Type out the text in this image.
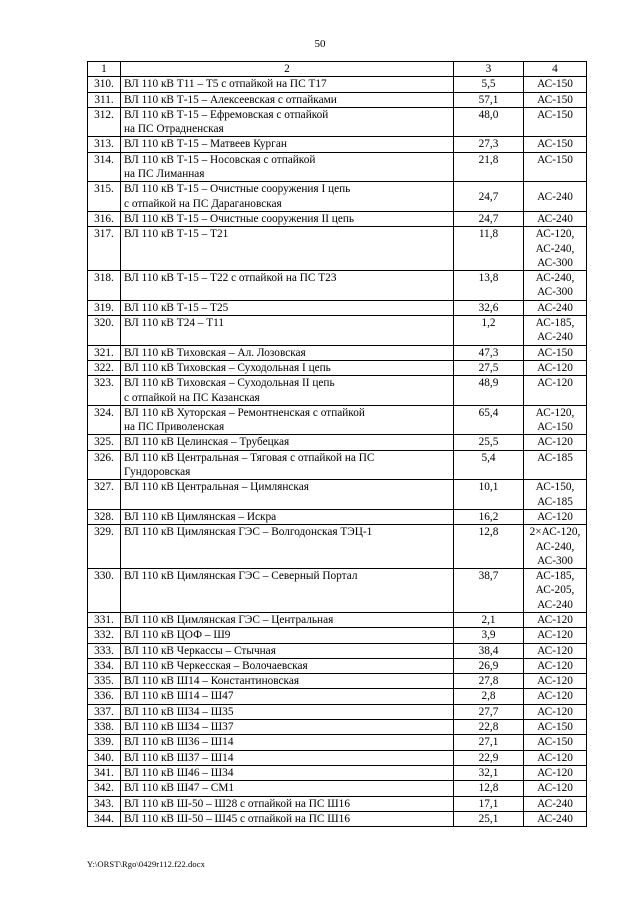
50
1	2	3	4
310.	ВЛ 110 кВ Т11 – Т5 с отпайкой на ПС Т17	5,5	АС-150

311.	ВЛ 110 кВ Т-15 – Алексеевская с отпайками	57,1	АС-150

312.	ВЛ 110 кВ Т-15 – Ефремовская с отпайкой
на ПС Отрадненская	48,0	АС-150

313.	ВЛ 110 кВ Т-15 – Матвеев Курган	27,3	АС-150

314.	ВЛ 110 кВ Т-15 – Носовская с отпайкой
на ПС Лиманная	21,8	АС-150

315.	ВЛ 110 кВ Т-15 – Очистные сооружения I цепь
с отпайкой на ПС Дарагановская	24,7	АС-240

316.	ВЛ 110 кВ Т-15 – Очистные сооружения II цепь	24,7	АС-240

317.	ВЛ 110 кВ Т-15 – Т21	11,8	АС-120,
АС-240,
АС-300

318.	ВЛ 110 кВ Т-15 – Т22 с отпайкой на ПС Т23	13,8	АС-240,
АС-300

319.	ВЛ 110 кВ Т-15 – Т25	32,6	АС-240

320.	ВЛ 110 кВ Т24 – Т11	1,2	АС-185,
АС-240

321.	ВЛ 110 кВ Тиховская – Ал. Лозовская	47,3	АС-150

322.	ВЛ 110 кВ Тиховская – Суходольная I цепь	27,5	АС-120

323.	ВЛ 110 кВ Тиховская – Суходольная II цепь
с отпайкой на ПС Казанская	48,9	АС-120

324.	ВЛ 110 кВ Хуторская – Ремонтненская с отпайкой
на ПС Приволенская	65,4	АС-120,
АС-150

325.	ВЛ 110 кВ Целинская – Трубецкая	25,5	АС-120

326.	ВЛ 110 кВ Центральная – Тяговая с отпайкой на ПС
Гундоровская	5,4	АС-185

327.	ВЛ 110 кВ Центральная – Цимлянская	10,1	АС-150,
АС-185

328.	ВЛ 110 кВ Цимлянская – Искра	16,2	АС-120

329.	ВЛ 110 кВ Цимлянская ГЭС – Волгодонская ТЭЦ-1	12,8	2×АС-120,
АС-240,
АС-300

330.	ВЛ 110 кВ Цимлянская ГЭС – Северный Портал	38,7	АС-185,
АС-205,
АС-240

331.	ВЛ 110 кВ Цимлянская ГЭС – Центральная	2,1	АС-120

332.	ВЛ 110 кВ ЦОФ – Ш9	3,9	АС-120

333.	ВЛ 110 кВ Черкассы – Стычная	38,4	АС-120

334.	ВЛ 110 кВ Черкесская – Волочаевская	26,9	АС-120

335.	ВЛ 110 кВ Ш14 – Константиновская	27,8	АС-120

336.	ВЛ 110 кВ Ш14 – Ш47	2,8	АС-120

337.	ВЛ 110 кВ Ш34 – Ш35	27,7	АС-120

338.	ВЛ 110 кВ Ш34 – Ш37	22,8	АС-150

339.	ВЛ 110 кВ Ш36 – Ш14	27,1	АС-150

340.	ВЛ 110 кВ Ш37 – Ш14	22,9	АС-120

341.	ВЛ 110 кВ Ш46 – Ш34	32,1	АС-120

342.	ВЛ 110 кВ Ш47 – СМ1	12,8	АС-120

343.	ВЛ 110 кВ Ш-50 – Ш28 с отпайкой на ПС Ш16	17,1	АС-240

344.	ВЛ 110 кВ Ш-50 – Ш45 с отпайкой на ПС Ш16	25,1	АС-240
Y:\ORST\Rgo\0429r112.f22.docx
